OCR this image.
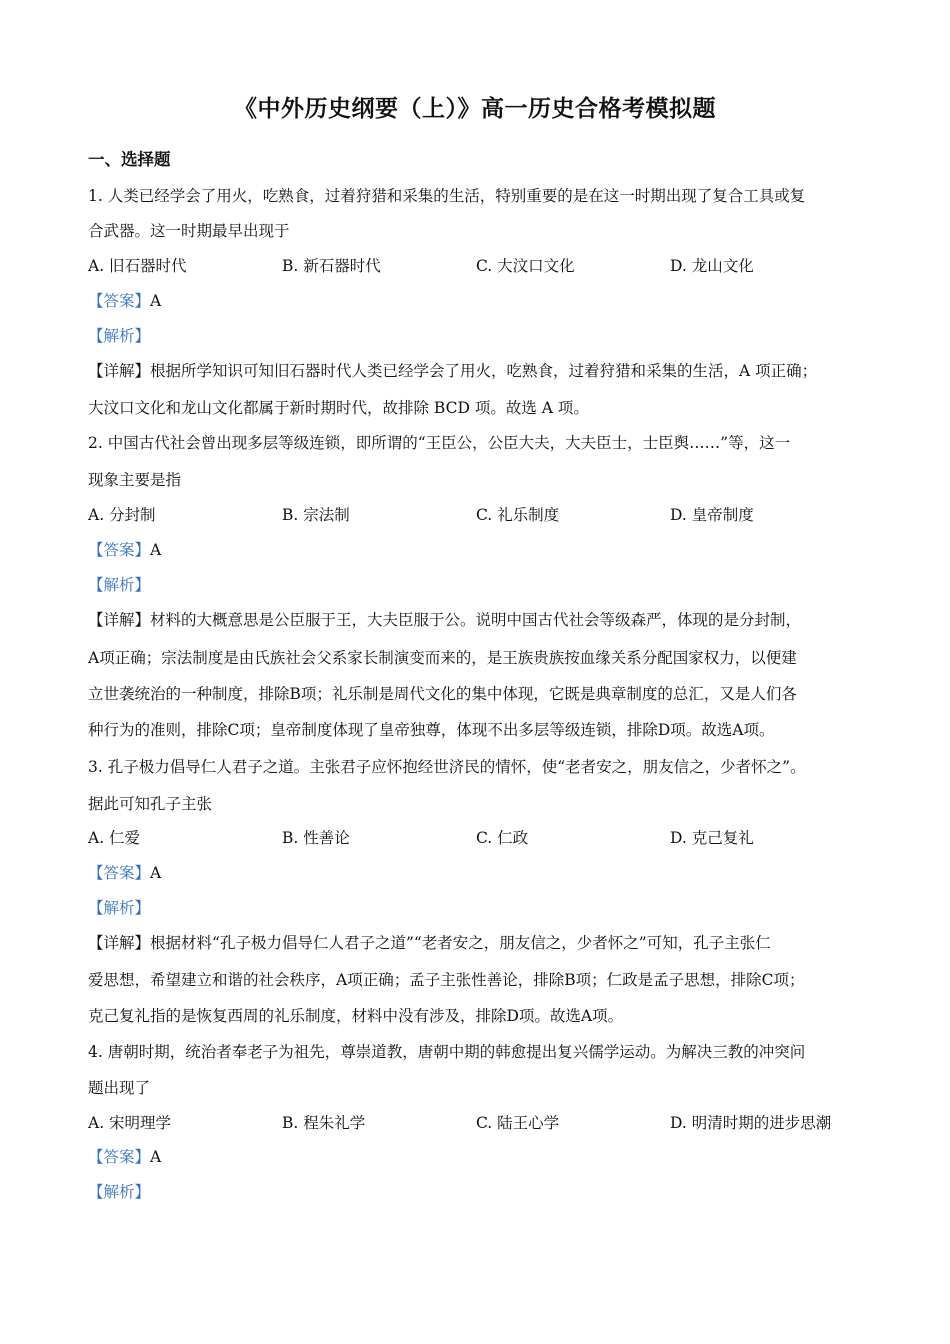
《中外历史纲要（上）》高一历史合格考模拟题
一、选择题
1. 人类已经学会了用火，吃熟食，过着狩猎和采集的生活，特别重要的是在这一时期出现了复合工具或复
合武器。这一时期最早出现于
A. 旧石器时代	B. 新石器时代	C. 大汶口文化	D. 龙山文化
【答案】A
【解析】
【详解】根据所学知识可知旧石器时代人类已经学会了用火，吃熟食，过着狩猎和采集的生活，A 项正确；
大汶口文化和龙山文化都属于新时期时代，故排除 BCD 项。故选 A 项。
2. 中国古代社会曾出现多层等级连锁，即所谓的“王臣公，公臣大夫，大夫臣士，士臣舆……”等，这一
现象主要是指
A. 分封制	B. 宗法制	C. 礼乐制度	D. 皇帝制度
【答案】A
【解析】
【详解】材料的大概意思是公臣服于王，大夫臣服于公。说明中国古代社会等级森严，体现的是分封制，
A项正确；宗法制度是由氏族社会父系家长制演变而来的，是王族贵族按血缘关系分配国家权力，以便建
立世袭统治的一种制度，排除B项；礼乐制是周代文化的集中体现，它既是典章制度的总汇，又是人们各
种行为的准则，排除C项；皇帝制度体现了皇帝独尊，体现不出多层等级连锁，排除D项。故选A项。
3. 孔子极力倡导仁人君子之道。主张君子应怀抱经世济民的情怀，使“老者安之，朋友信之，少者怀之”。
据此可知孔子主张
A. 仁爱	B. 性善论	C. 仁政	D. 克己复礼
【答案】A
【解析】
【详解】根据材料“孔子极力倡导仁人君子之道”“老者安之，朋友信之，少者怀之”可知，孔子主张仁
爱思想，希望建立和谐的社会秩序，A项正确；孟子主张性善论，排除B项；仁政是孟子思想，排除C项；
克己复礼指的是恢复西周的礼乐制度，材料中没有涉及，排除D项。故选A项。
4. 唐朝时期，统治者奉老子为祖先，尊崇道教，唐朝中期的韩愈提出复兴儒学运动。为解决三教的冲突问
题出现了
A. 宋明理学	B. 程朱礼学	C. 陆王心学	D. 明清时期的进步思潮
【答案】A
【解析】
